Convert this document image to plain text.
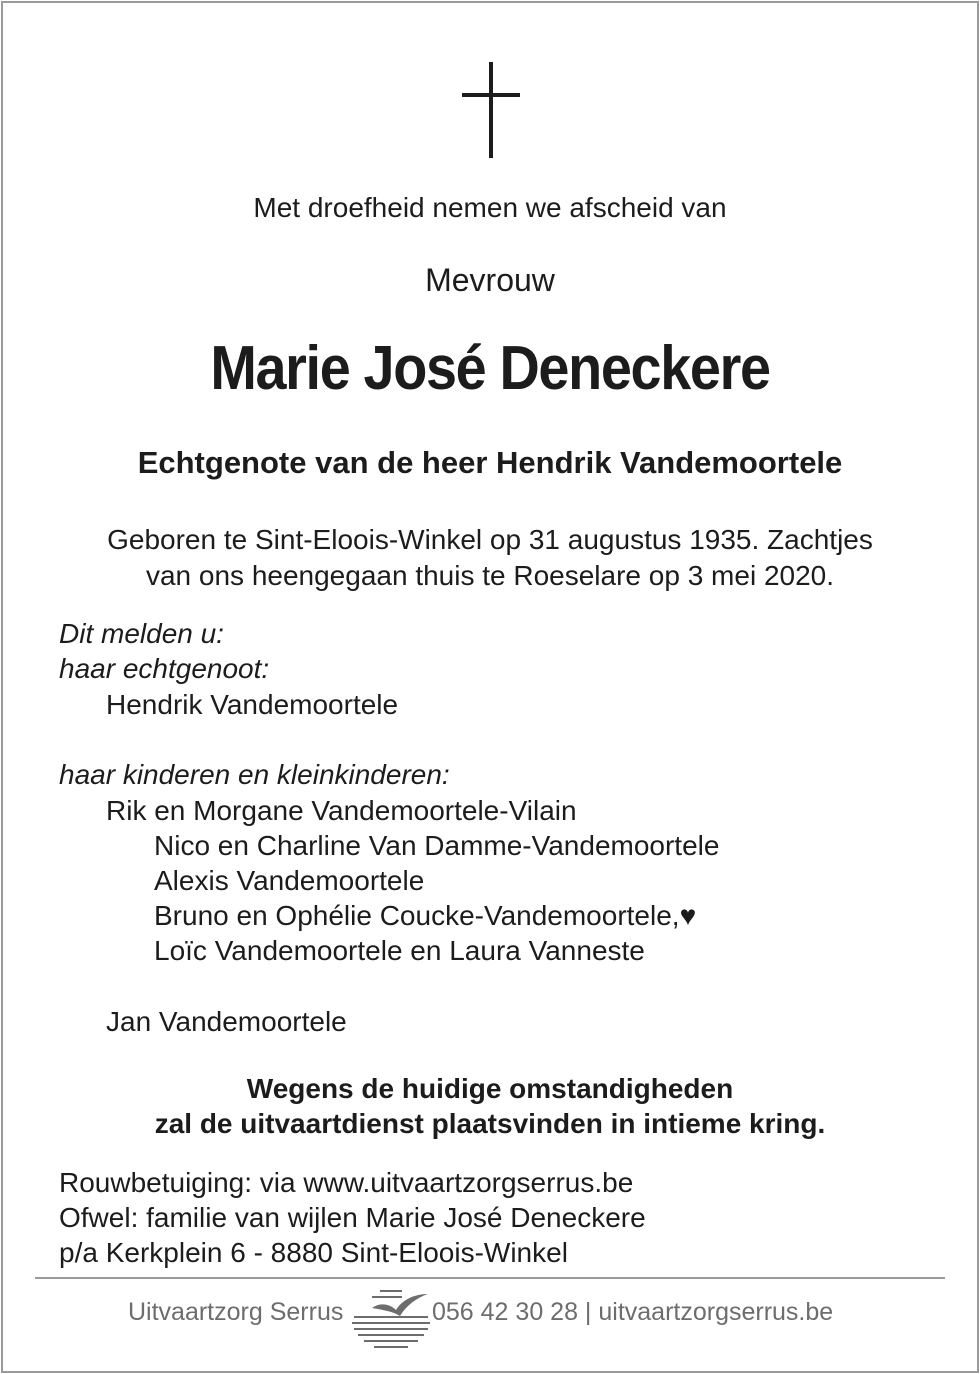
Met droefheid nemen we afscheid van
Mevrouw
Marie José Deneckere
Echtgenote van de heer Hendrik Vandemoortele
Geboren te Sint-Eloois-Winkel op 31 augustus 1935. Zachtjes
van ons heengegaan thuis te Roeselare op 3 mei 2020.
Dit melden u:
haar echtgenoot:
Hendrik Vandemoortele
haar kinderen en kleinkinderen:
Rik en Morgane Vandemoortele-Vilain
Nico en Charline Van Damme-Vandemoortele
Alexis Vandemoortele
Bruno en Ophélie Coucke-Vandemoortele,♥
Loïc Vandemoortele en Laura Vanneste
Jan Vandemoortele
Wegens de huidige omstandigheden
zal de uitvaartdienst plaatsvinden in intieme kring.
Rouwbetuiging: via www.uitvaartzorgserrus.be
Ofwel: familie van wijlen Marie José Deneckere
p/a Kerkplein 6 - 8880 Sint-Eloois-Winkel
Uitvaartzorg Serrus	056 42 30 28 | uitvaartzorgserrus.be
